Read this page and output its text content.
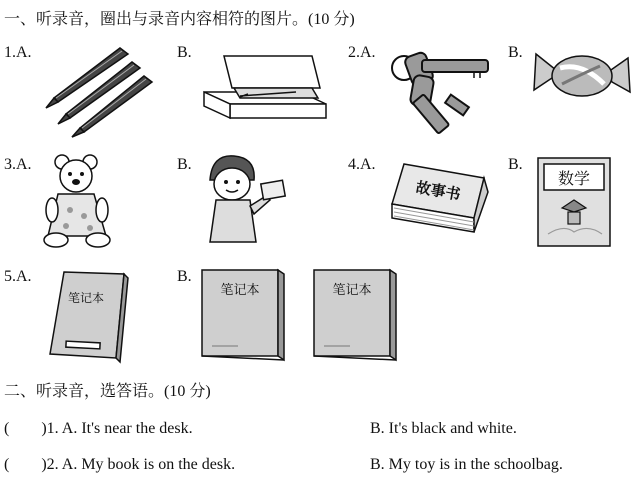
一、听录音，圈出与录音内容相符的图片。(10 分)
1.A.	B.	2.A.	B.
3.A.	B.	4.A.	B.
5.A.	B.
故事书	数学
笔记本	笔记本	笔记本
二、听录音，选答语。(10 分)
(        )1. A. It's near the desk.	B. It's black and white.
(        )2. A. My book is on the desk.	B. My toy is in the schoolbag.
